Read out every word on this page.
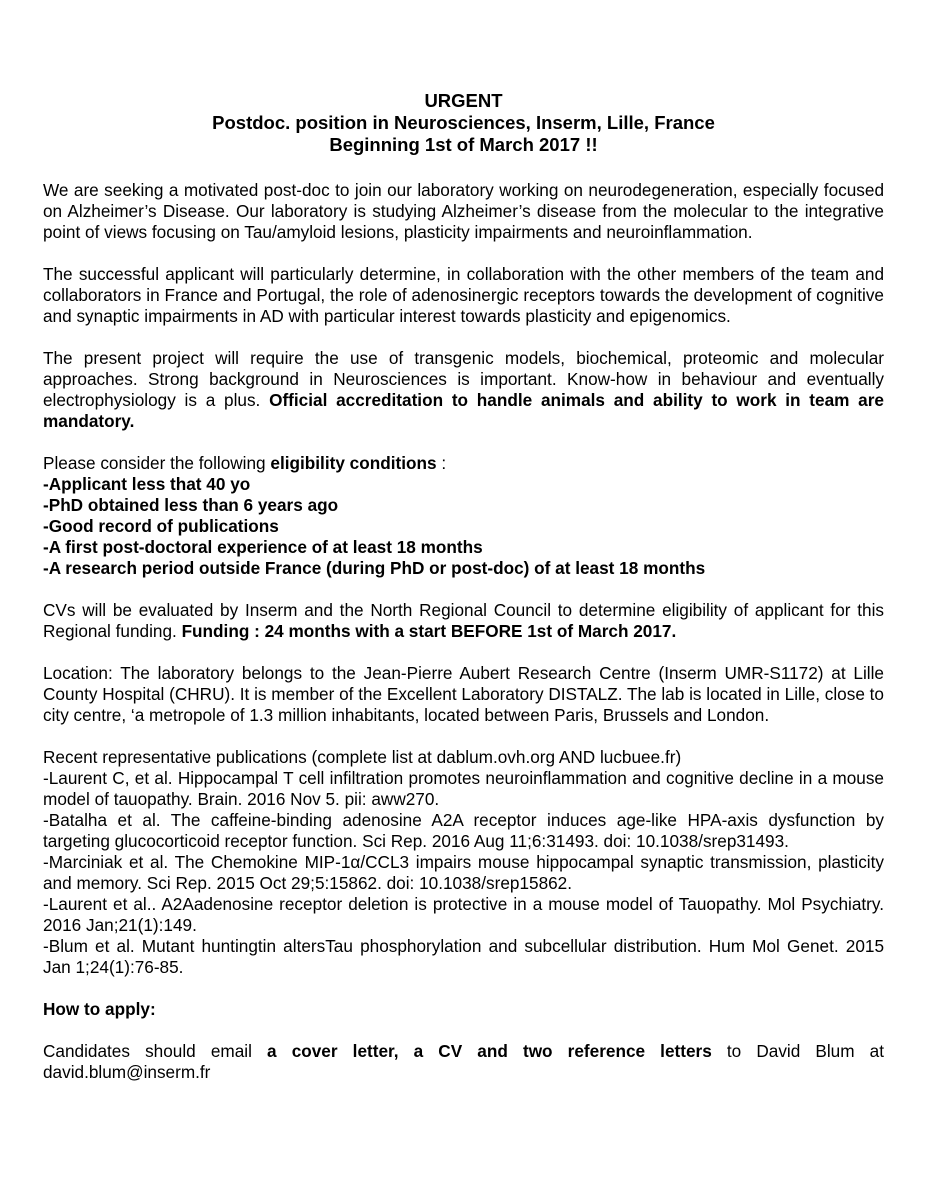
URGENT
Postdoc. position in Neurosciences, Inserm, Lille, France
Beginning 1st of March 2017 !!

We are seeking a motivated post-doc to join our laboratory working on neurodegeneration, especially focused on Alzheimer’s Disease. Our laboratory is studying Alzheimer’s disease from the molecular to the integrative point of views focusing on Tau/amyloid lesions, plasticity impairments and neuroinflammation.

The successful applicant will particularly determine, in collaboration with the other members of the team and collaborators in France and Portugal, the role of adenosinergic receptors towards the development of cognitive and synaptic impairments in AD with particular interest towards plasticity and epigenomics.

The present project will require the use of transgenic models, biochemical, proteomic and molecular approaches. Strong background in Neurosciences is important. Know-how in behaviour and eventually electrophysiology is a plus. Official accreditation to handle animals and ability to work in team are mandatory.

Please consider the following eligibility conditions :

-Applicant less that 40 yo
-PhD obtained less than 6 years ago
-Good record of publications
-A first post-doctoral experience of at least 18 months
-A research period outside France (during PhD or post-doc) of at least 18 months

CVs will be evaluated by Inserm and the North Regional Council to determine eligibility of applicant for this Regional funding. Funding : 24 months with a start BEFORE 1st of March 2017.

Location: The laboratory belongs to the Jean-Pierre Aubert Research Centre (Inserm UMR-S1172) at Lille County Hospital (CHRU). It is member of the Excellent Laboratory DISTALZ. The lab is located in Lille, close to city centre, ‘a metropole of 1.3 million inhabitants, located between Paris, Brussels and London.

Recent representative publications (complete list at dablum.ovh.org AND lucbuee.fr)
-Laurent C, et al. Hippocampal T cell infiltration promotes neuroinflammation and cognitive decline in a mouse model of tauopathy. Brain. 2016 Nov 5. pii: aww270.
-Batalha et al. The caffeine-binding adenosine A2A receptor induces age-like HPA-axis dysfunction by targeting glucocorticoid receptor function. Sci Rep. 2016 Aug 11;6:31493. doi: 10.1038/srep31493.
-Marciniak et al. The Chemokine MIP-1α/CCL3 impairs mouse hippocampal synaptic transmission, plasticity and memory. Sci Rep. 2015 Oct 29;5:15862. doi: 10.1038/srep15862.
-Laurent et al.. A2Aadenosine receptor deletion is protective in a mouse model of Tauopathy. Mol Psychiatry. 2016 Jan;21(1):149.
-Blum et al. Mutant huntingtin altersTau phosphorylation and subcellular distribution. Hum Mol Genet. 2015 Jan 1;24(1):76-85.
How to apply:

Candidates should email a cover letter, a CV and two reference letters to David Blum at david.blum@inserm.fr
